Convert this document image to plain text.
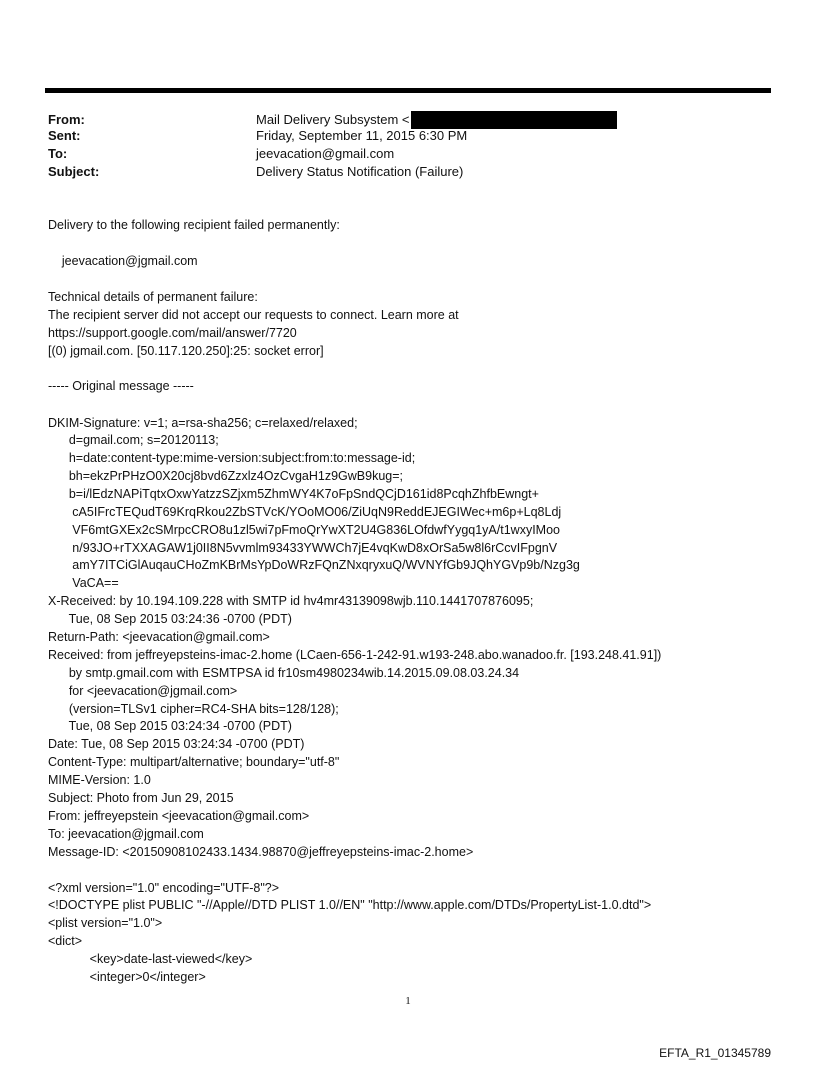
From:	Mail Delivery Subsystem <
Sent:	Friday, September 11, 2015 6:30 PM
To:	jeevacation@gmail.com
Subject:	Delivery Status Notification (Failure)
Delivery to the following recipient failed permanently:
jeevacation@jgmail.com
Technical details of permanent failure:
The recipient server did not accept our requests to connect. Learn more at
https://support.google.com/mail/answer/7720
[(0) jgmail.com. [50.117.120.250]:25: socket error]
----- Original message -----
DKIM-Signature: v=1; a=rsa-sha256; c=relaxed/relaxed;
d=gmail.com; s=20120113;
h=date:content-type:mime-version:subject:from:to:message-id;
bh=ekzPrPHzO0X20cj8bvd6Zzxlz4OzCvgaH1z9GwB9kug=;
b=i/lEdzNAPiTqtxOxwYatzzSZjxm5ZhmWY4K7oFpSndQCjD161id8PcqhZhfbEwngt+
cA5IFrcTEQudT69KrqRkou2ZbSTVcK/YOoMO06/ZiUqN9ReddEJEGIWec+m6p+Lq8Ldj
VF6mtGXEx2cSMrpcCRO8u1zl5wi7pFmoQrYwXT2U4G836LOfdwfYygq1yA/t1wxyIMoo
n/93JO+rTXXAGAW1j0II8N5vvmlm93433YWWCh7jE4vqKwD8xOrSa5w8l6rCcvIFpgnV
amY7ITCiGlAuqauCHoZmKBrMsYpDoWRzFQnZNxqryxuQ/WVNYfGb9JQhYGVp9b/Nzg3g
VaCA==
X-Received: by 10.194.109.228 with SMTP id hv4mr43139098wjb.110.1441707876095;
Tue, 08 Sep 2015 03:24:36 -0700 (PDT)
Return-Path: <jeevacation@gmail.com>
Received: from jeffreyepsteins-imac-2.home (LCaen-656-1-242-91.w193-248.abo.wanadoo.fr. [193.248.41.91])
by smtp.gmail.com with ESMTPSA id fr10sm4980234wib.14.2015.09.08.03.24.34
for <jeevacation@jgmail.com>
(version=TLSv1 cipher=RC4-SHA bits=128/128);
Tue, 08 Sep 2015 03:24:34 -0700 (PDT)
Date: Tue, 08 Sep 2015 03:24:34 -0700 (PDT)
Content-Type: multipart/alternative; boundary="utf-8"
MIME-Version: 1.0
Subject: Photo from Jun 29, 2015
From: jeffreyepstein <jeevacation@gmail.com>
To: jeevacation@jgmail.com
Message-ID: <20150908102433.1434.98870@jeffreyepsteins-imac-2.home>
<?xml version="1.0" encoding="UTF-8"?>
<!DOCTYPE plist PUBLIC "-//Apple//DTD PLIST 1.0//EN" "http://www.apple.com/DTDs/PropertyList-1.0.dtd">
<plist version="1.0">
<dict>
<key>date-last-viewed</key>
<integer>0</integer>
1
EFTA_R1_01345789
